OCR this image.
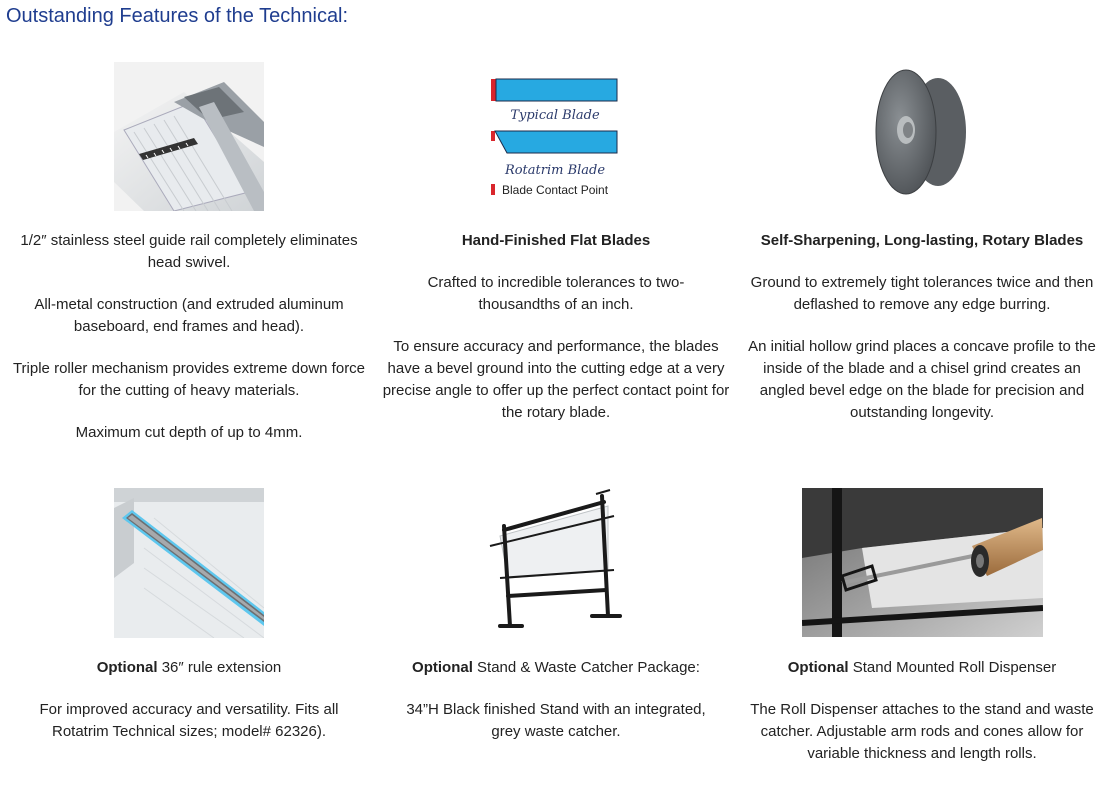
Outstanding Features of the Technical:
Typical Blade
Rotatrim Blade
Blade Contact Point

1/2″ stainless steel guide rail completely eliminates head swivel.

All-metal construction (and extruded aluminum baseboard, end frames and head).

Triple roller mechanism provides extreme down force for the cutting of heavy materials.

Maximum cut depth of up to 4mm.

Hand-Finished Flat Blades

Crafted to incredible tolerances to two-thousandths of an inch.

To ensure accuracy and performance, the blades have a bevel ground into the cutting edge at a very precise angle to offer up the perfect contact point for the rotary blade.

Self-Sharpening, Long-lasting, Rotary Blades

Ground to extremely tight tolerances twice and then deflashed to remove any edge burring.

An initial hollow grind places a concave profile to the inside of the blade and a chisel grind creates an angled bevel edge on the blade for precision and outstanding longevity.

Optional 36″ rule extension

For improved accuracy and versatility. Fits all Rotatrim Technical sizes; model# 62326).

Optional Stand & Waste Catcher Package:

34”H Black finished Stand with an integrated, grey waste catcher.

Optional Stand Mounted Roll Dispenser

The Roll Dispenser attaches to the stand and waste catcher. Adjustable arm rods and cones allow for variable thickness and length rolls.
